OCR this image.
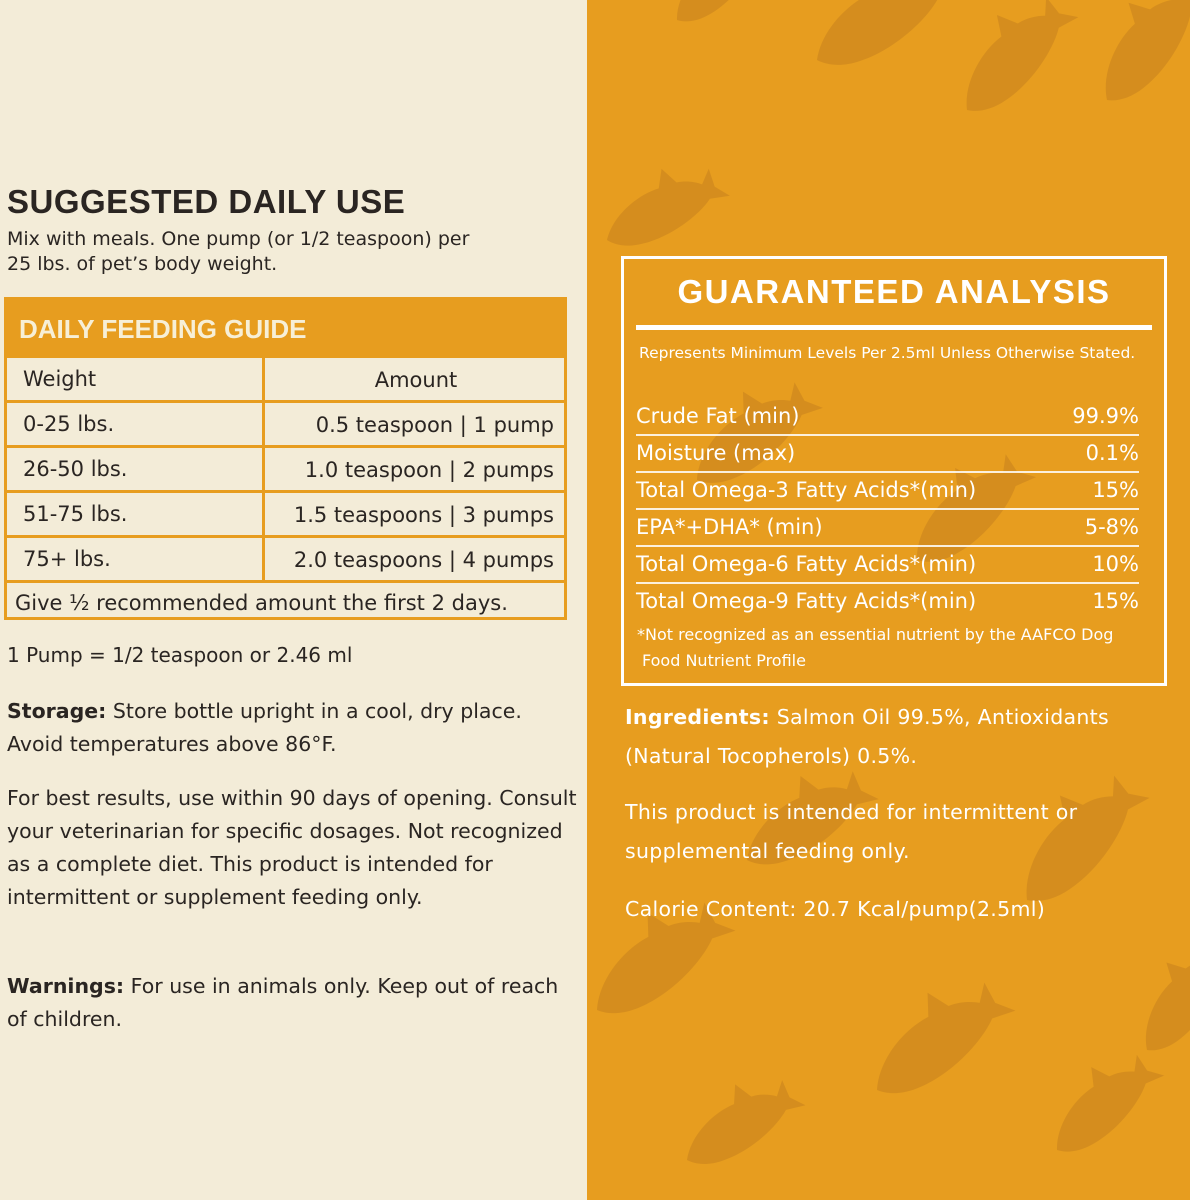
SUGGESTED DAILY USE

Mix with meals. One pump (or 1/2 teaspoon) per
25 lbs. of pet’s body weight.

DAILY FEEDING GUIDE
Weight	Amount
0-25 lbs.	0.5 teaspoon | 1 pump
26-50 lbs.	1.0 teaspoon | 2 pumps
51-75 lbs.	1.5 teaspoons | 3 pumps
75+ lbs.	2.0 teaspoons | 4 pumps
Give ½ recommended amount the first 2 days.

1 Pump = 1/2 teaspoon or 2.46 ml

Storage: Store bottle upright in a cool, dry place. Avoid temperatures above 86°F.

For best results, use within 90 days of opening. Consult your veterinarian for specific dosages. Not recognized as a complete diet. This product is intended for intermittent or supplement feeding only.

Warnings: For use in animals only. Keep out of reach of children.

GUARANTEED ANALYSIS
Represents Minimum Levels Per 2.5ml Unless Otherwise Stated.
Crude Fat (min)	99.9%
Moisture (max)	0.1%
Total Omega-3 Fatty Acids*(min)	15%
EPA*+DHA* (min)	5-8%
Total Omega-6 Fatty Acids*(min)	10%
Total Omega-9 Fatty Acids*(min)	15%
*Not recognized as an essential nutrient by the AAFCO Dog
Food Nutrient Profile

Ingredients: Salmon Oil 99.5%, Antioxidants (Natural Tocopherols) 0.5%.

This product is intended for intermittent or supplemental feeding only.

Calorie Content: 20.7 Kcal/pump(2.5ml)
